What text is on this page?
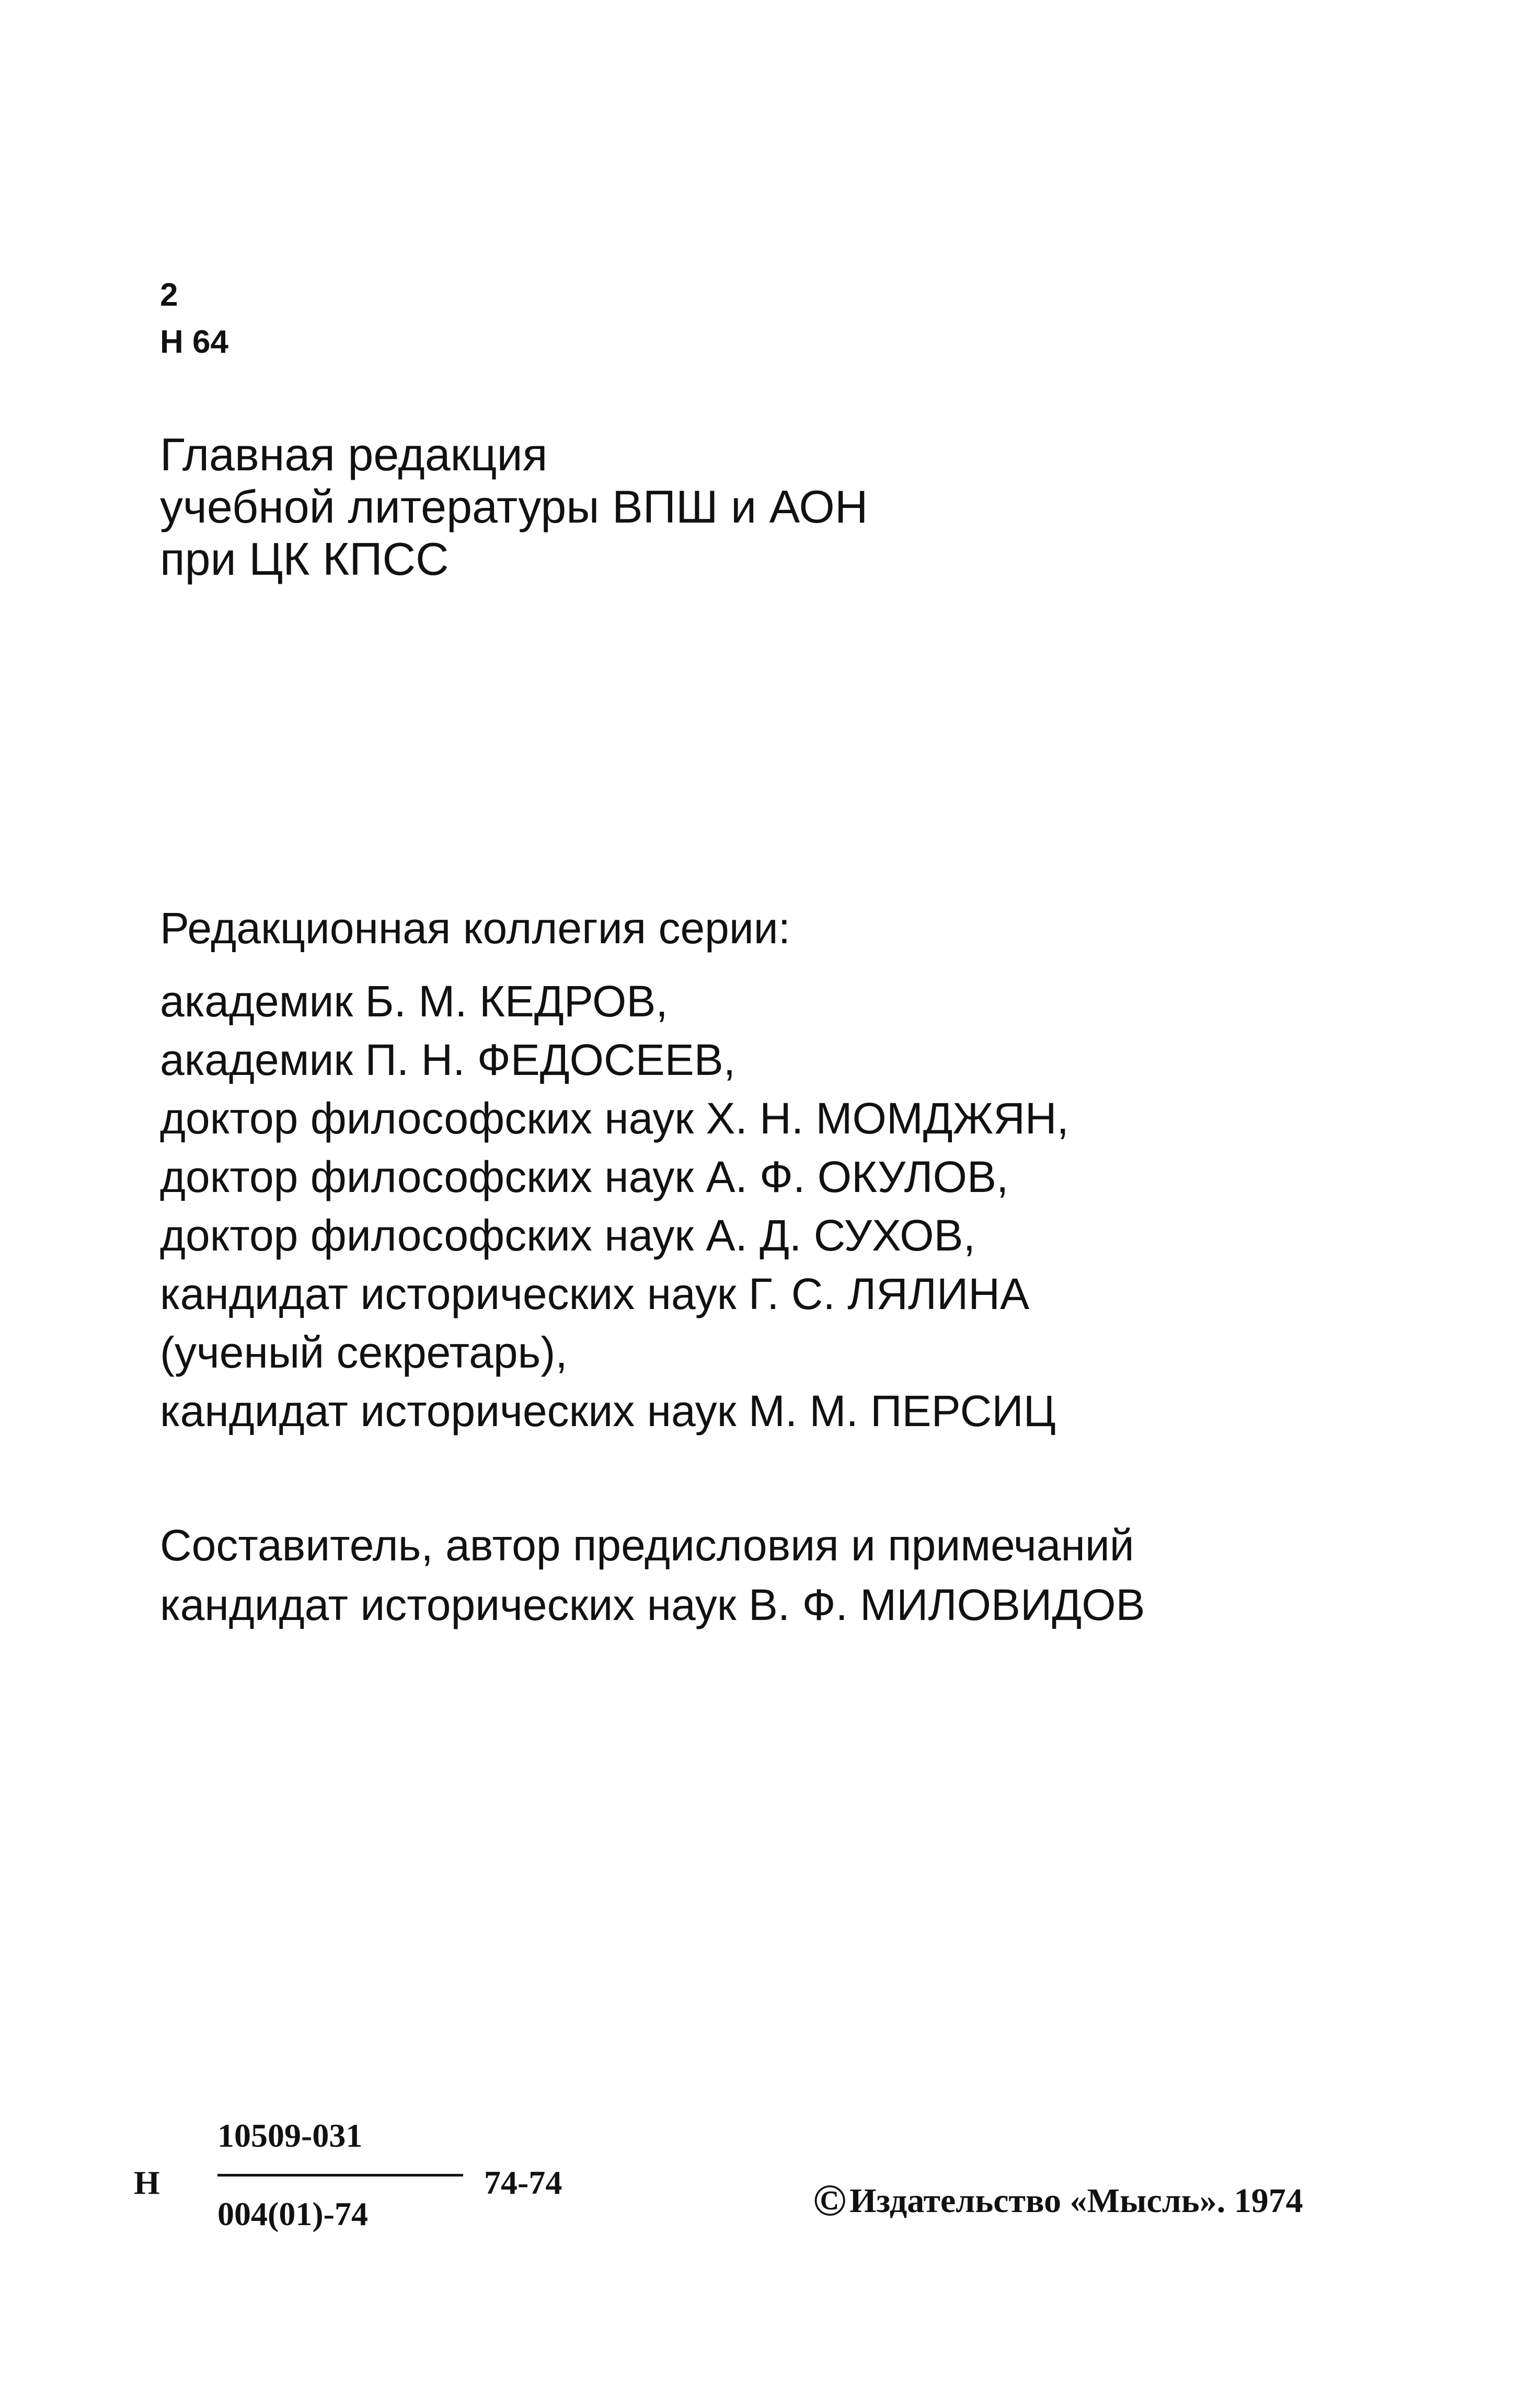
2
Н 64
Главная редакция
учебной литературы ВПШ и АОН
при ЦК КПСС
Редакционная коллегия серии:
академик Б. М. КЕДРОВ,
академик П. Н. ФЕДОСЕЕВ,
доктор философских наук Х. Н. МОМДЖЯН,
доктор философских наук А. Ф. ОКУЛОВ,
доктор философских наук А. Д. СУХОВ,
кандидат исторических наук Г. С. ЛЯЛИНА
(ученый секретарь),
кандидат исторических наук М. М. ПЕРСИЦ
Составитель, автор предисловия и примечаний
кандидат исторических наук В. Ф. МИЛОВИДОВ
Н
10509-031
004(01)-74
74-74	©Издательство «Мысль». 1974
